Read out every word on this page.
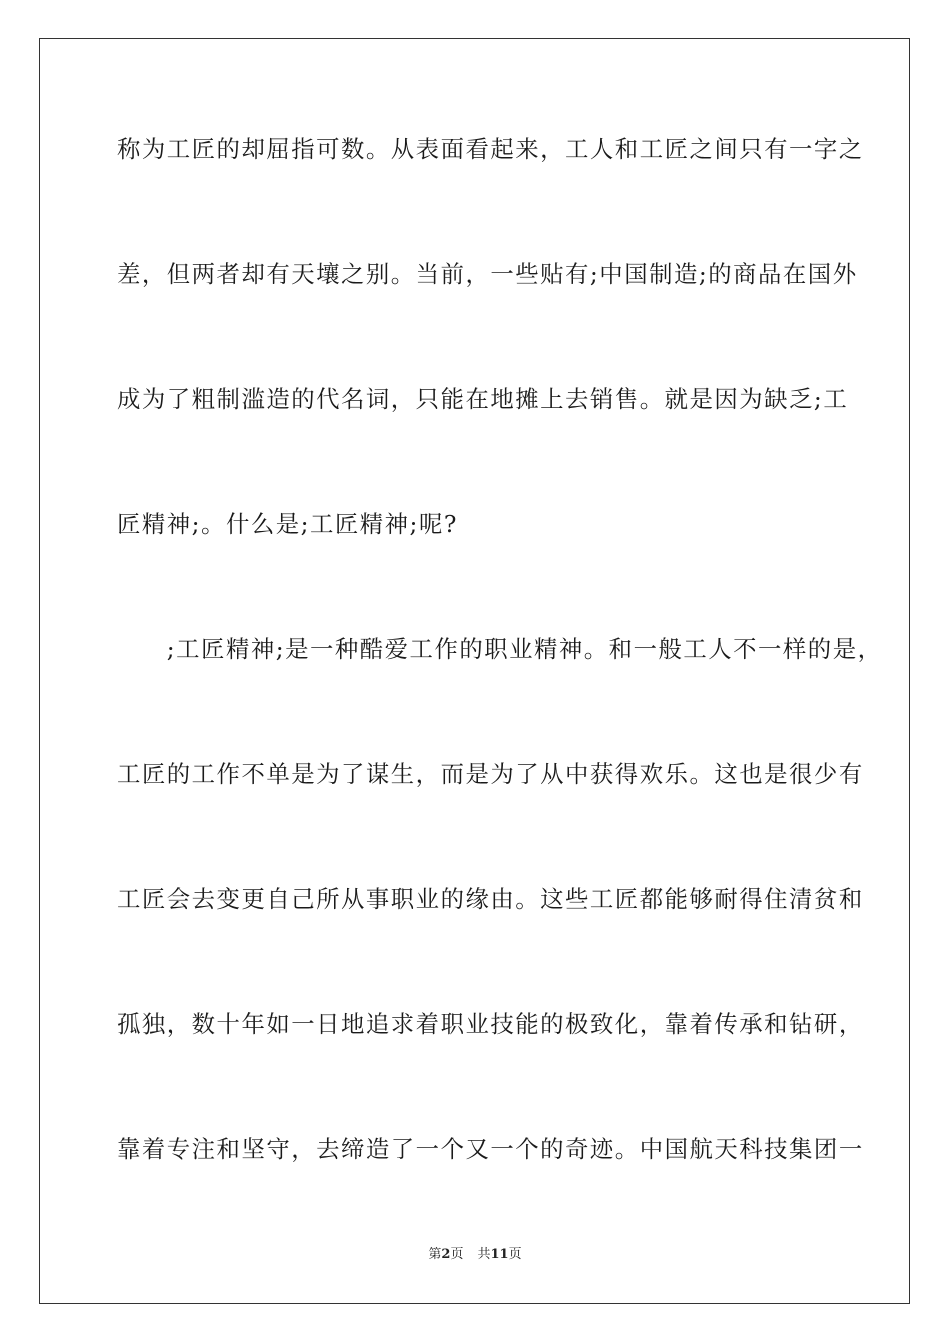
称为工匠的却屈指可数。从表面看起来，工人和工匠之间只有一字之
差，但两者却有天壤之别。当前，一些贴有;中国制造;的商品在国外
成为了粗制滥造的代名词，只能在地摊上去销售。就是因为缺乏;工
匠精神;。什么是;工匠精神;呢?
　　;工匠精神;是一种酷爱工作的职业精神。和一般工人不一样的是，
工匠的工作不单是为了谋生，而是为了从中获得欢乐。这也是很少有
工匠会去变更自己所从事职业的缘由。这些工匠都能够耐得住清贫和
孤独，数十年如一日地追求着职业技能的极致化，靠着传承和钻研，
靠着专注和坚守，去缔造了一个又一个的奇迹。中国航天科技集团一
第2页 共11页
